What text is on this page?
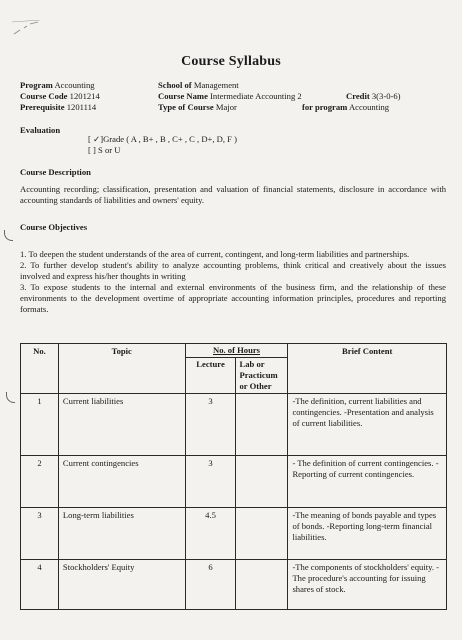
Course Syllabus
Program Accounting	School of Management
Course Code 1201214	Course Name Intermediate Accounting 2	Credit 3(3-0-6)
Prerequisite 1201114	Type of Course Major	for program Accounting
Evaluation
[ ✓]Grade ( A , B+ , B , C+ , C , D+, D, F )
[ ] S or U
Course Description
Accounting recording; classification, presentation and valuation of financial statements, disclosure in accordance with accounting standards of liabilities and owners' equity.
Course Objectives

1. To deepen the student understands of the area of current, contingent, and long-term liabilities and partnerships.

2. To further develop student's ability to analyze accounting problems, think critical and creatively about the issues involved and express his/her thoughts in writing

3. To expose students to the internal and external environments of the business firm, and the relationship of these environments to the development overtime of appropriate accounting information principles, procedures and reporting formats.

No.	Topic	No. of Hours		Brief Content
		Lecture	Lab or Practicum or Other	
1	Current liabilities	3		-The definition, current liabilities and contingencies. -Presentation and analysis of current liabilities.
2	Current contingencies	3		- The definition of current contingencies. - Reporting of current contingencies.
3	Long-term liabilities	4.5		-The meaning of bonds payable and types of bonds. -Reporting long-term financial liabilities.
4	Stockholders' Equity	6		-The components of stockholders' equity. -The procedure's accounting for issuing shares of stock.
